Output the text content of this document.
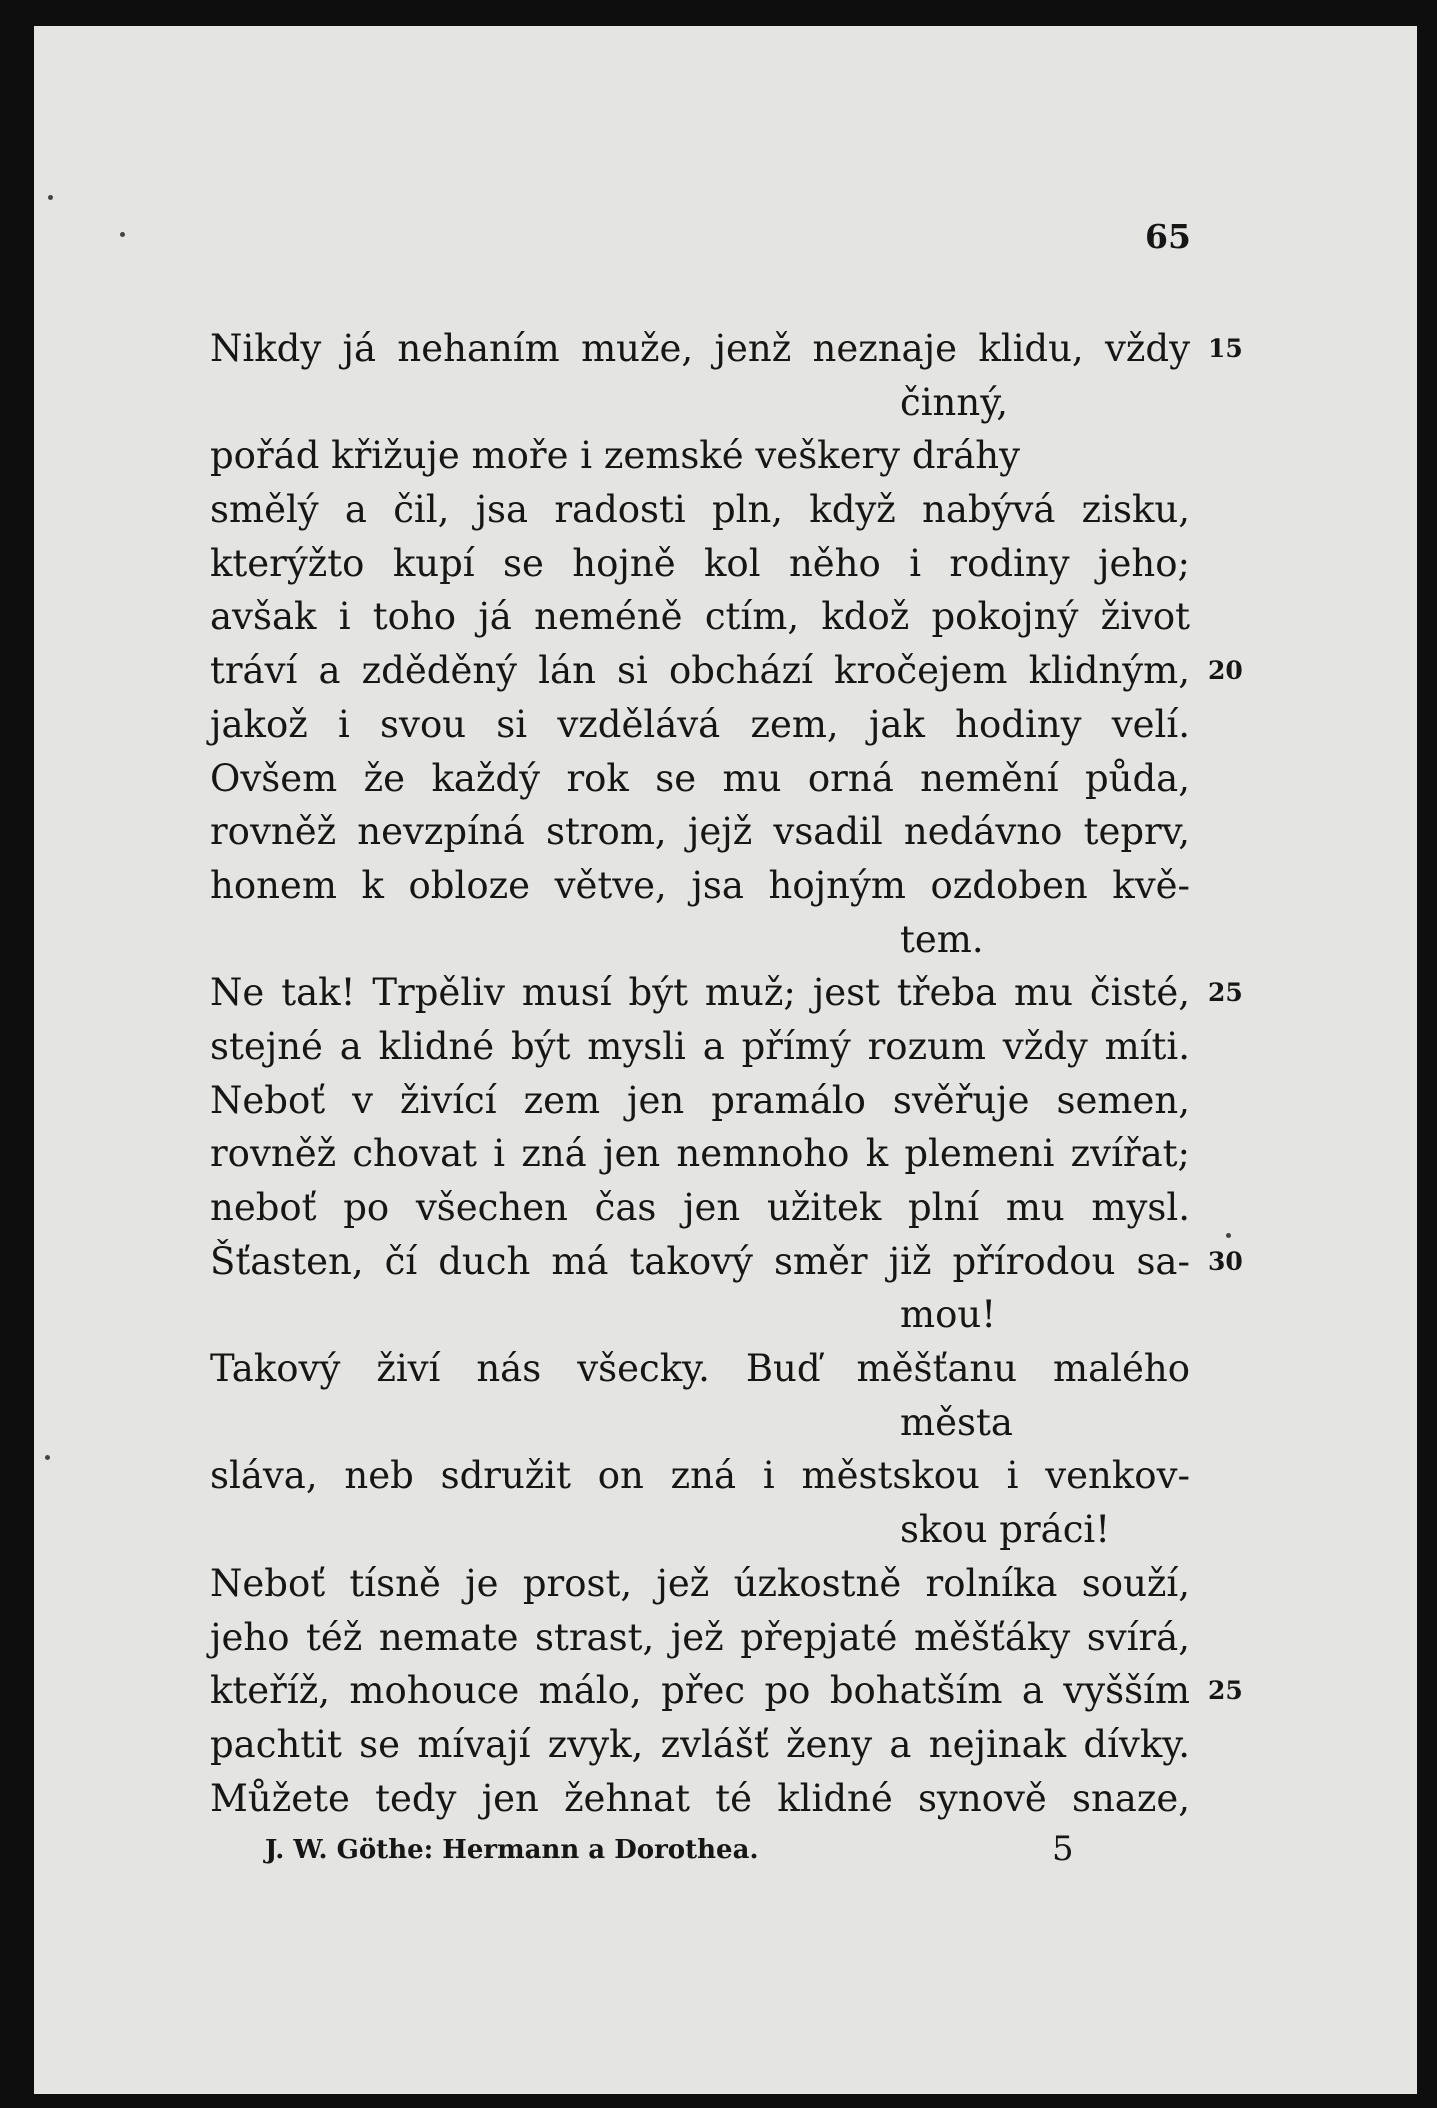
65
Nikdy já nehaním muže, jenž neznaje klidu, vždy 15
činný,
pořád křižuje moře i zemské veškery dráhy
smělý a čil, jsa radosti pln, když nabývá zisku,
kterýžto kupí se hojně kol něho i rodiny jeho;
avšak i toho já neméně ctím, kdož pokojný život
tráví a zděděný lán si obchází kročejem klidným, 20
jakož i svou si vzdělává zem, jak hodiny velí.
Ovšem že každý rok se mu orná nemění půda,
rovněž nevzpíná strom, jejž vsadil nedávno teprv,
honem k obloze větve, jsa hojným ozdoben kvě-
tem.
Ne tak! Trpěliv musí být muž; jest třeba mu čisté, 25
stejné a klidné být mysli a přímý rozum vždy míti.
Neboť v živící zem jen pramálo svěřuje semen,
rovněž chovat i zná jen nemnoho k plemeni zvířat;
neboť po všechen čas jen užitek plní mu mysl.
Šťasten, čí duch má takový směr již přírodou sa- 30
mou!
Takový živí nás všecky. Buď měšťanu malého
města
sláva, neb sdružit on zná i městskou i venkov-
skou práci!
Neboť tísně je prost, jež úzkostně rolníka souží,
jeho též nemate strast, jež přepjaté měšťáky svírá,
kteříž, mohouce málo, přec po bohatším a vyšším 25
pachtit se mívají zvyk, zvlášť ženy a nejinak dívky.
Můžete tedy jen žehnat té klidné synově snaze,
J. W. Göthe: Hermann a Dorothea.	5
